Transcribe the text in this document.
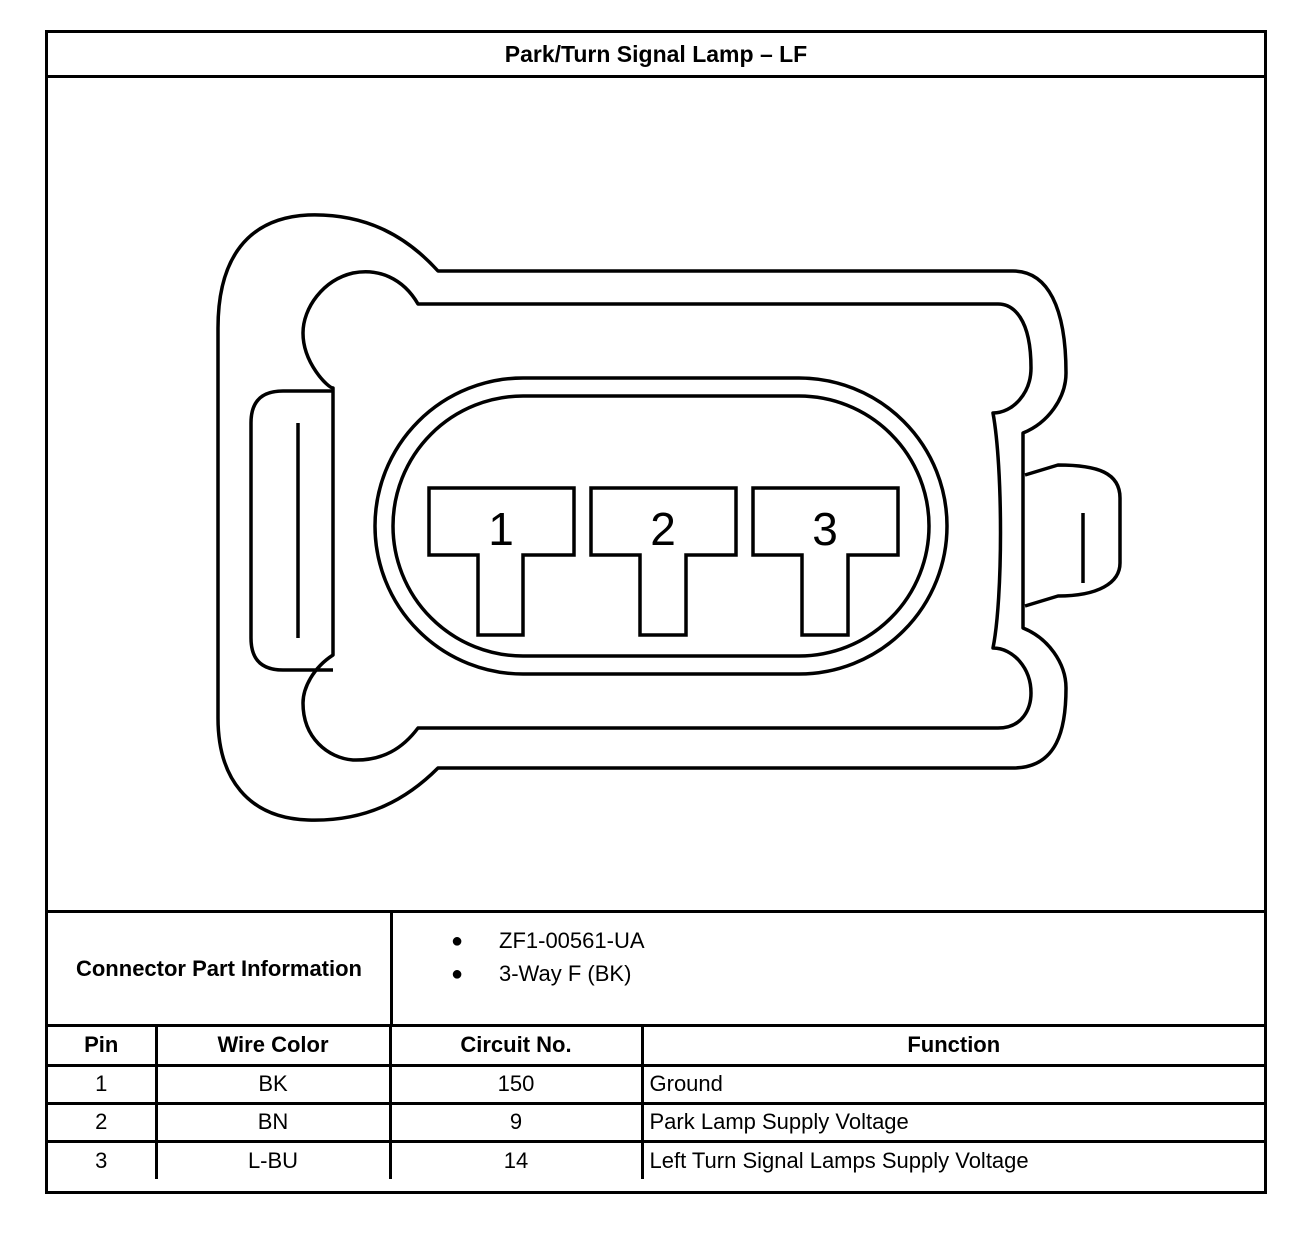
Park/Turn Signal Lamp – LF
1	2	3
Connector Part Information
● ZF1-00561-UA
● 3-Way F (BK)
Pin	Wire Color	Circuit No.	Function
1	BK	150	Ground
2	BN	9	Park Lamp Supply Voltage
3	L-BU	14	Left Turn Signal Lamps Supply Voltage
